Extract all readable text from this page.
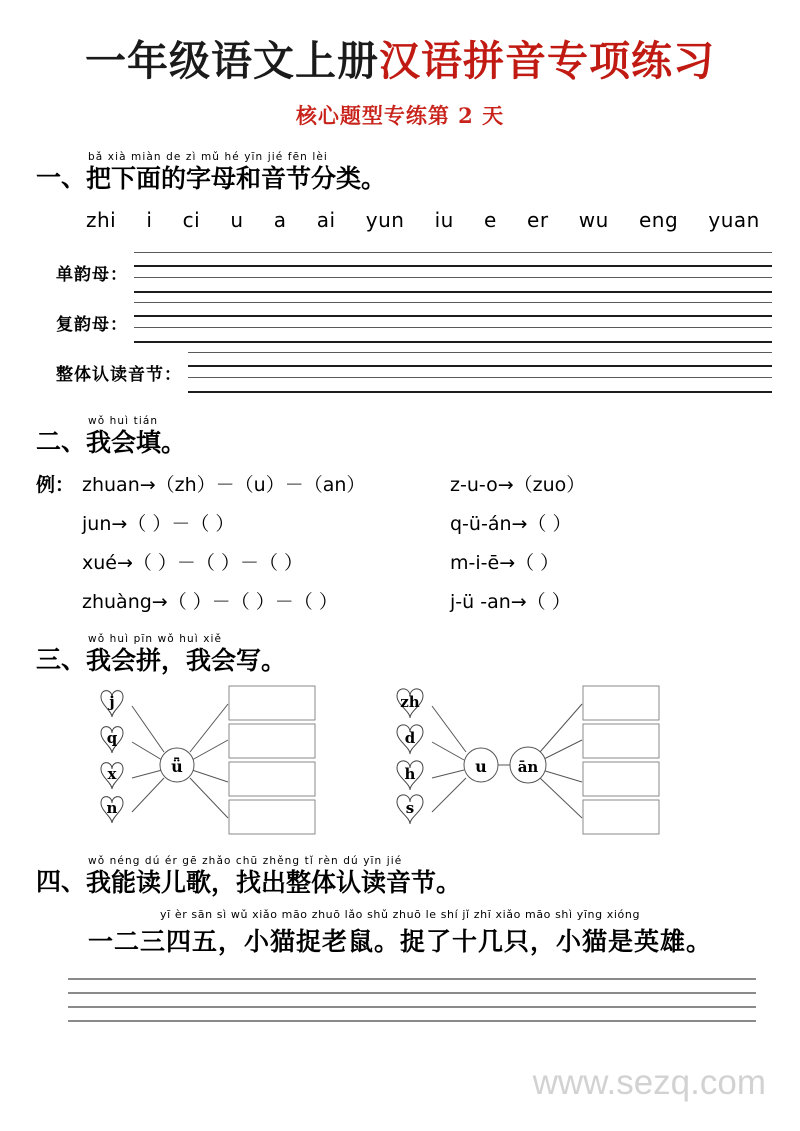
一年级语文上册汉语拼音专项练习
核心题型专练第 2 天
一、
bǎ xià miàn de zì mǔ hé yīn jié fēn lèi
把下面的字母和音节分类。
zhi i ci u a ai yun iu e er wu eng yuan
单韵母：
复韵母：
整体认读音节：
二、
wǒ huì tián
我会填。
例： zhuan→（zh）－（u）－（an）	z-u-o→（zuo）
jun→（ ）－（ ）	q-ü-án→（ ）
xué→（ ）－（ ）－（ ）	m-i-ē→（ ）
zhuàng→（ ）－（ ）－（ ）	j-ü -an→（ ）
三、
wǒ huì pīn wǒ huì xiě
我会拼，我会写。
j
q
x
n
ǖ
zh
d
h
s
u ān
四、
wǒ néng dú ér gē zhǎo chū zhěng tǐ rèn dú yīn jié
我能读儿歌，找出整体认读音节。
yī èr sān sì wǔ xiǎo māo zhuō lǎo shǔ zhuō le shí jǐ zhī xiǎo māo shì yīng xióng
一二三四五，小猫捉老鼠。捉了十几只，小猫是英雄。
www.sezq.com
